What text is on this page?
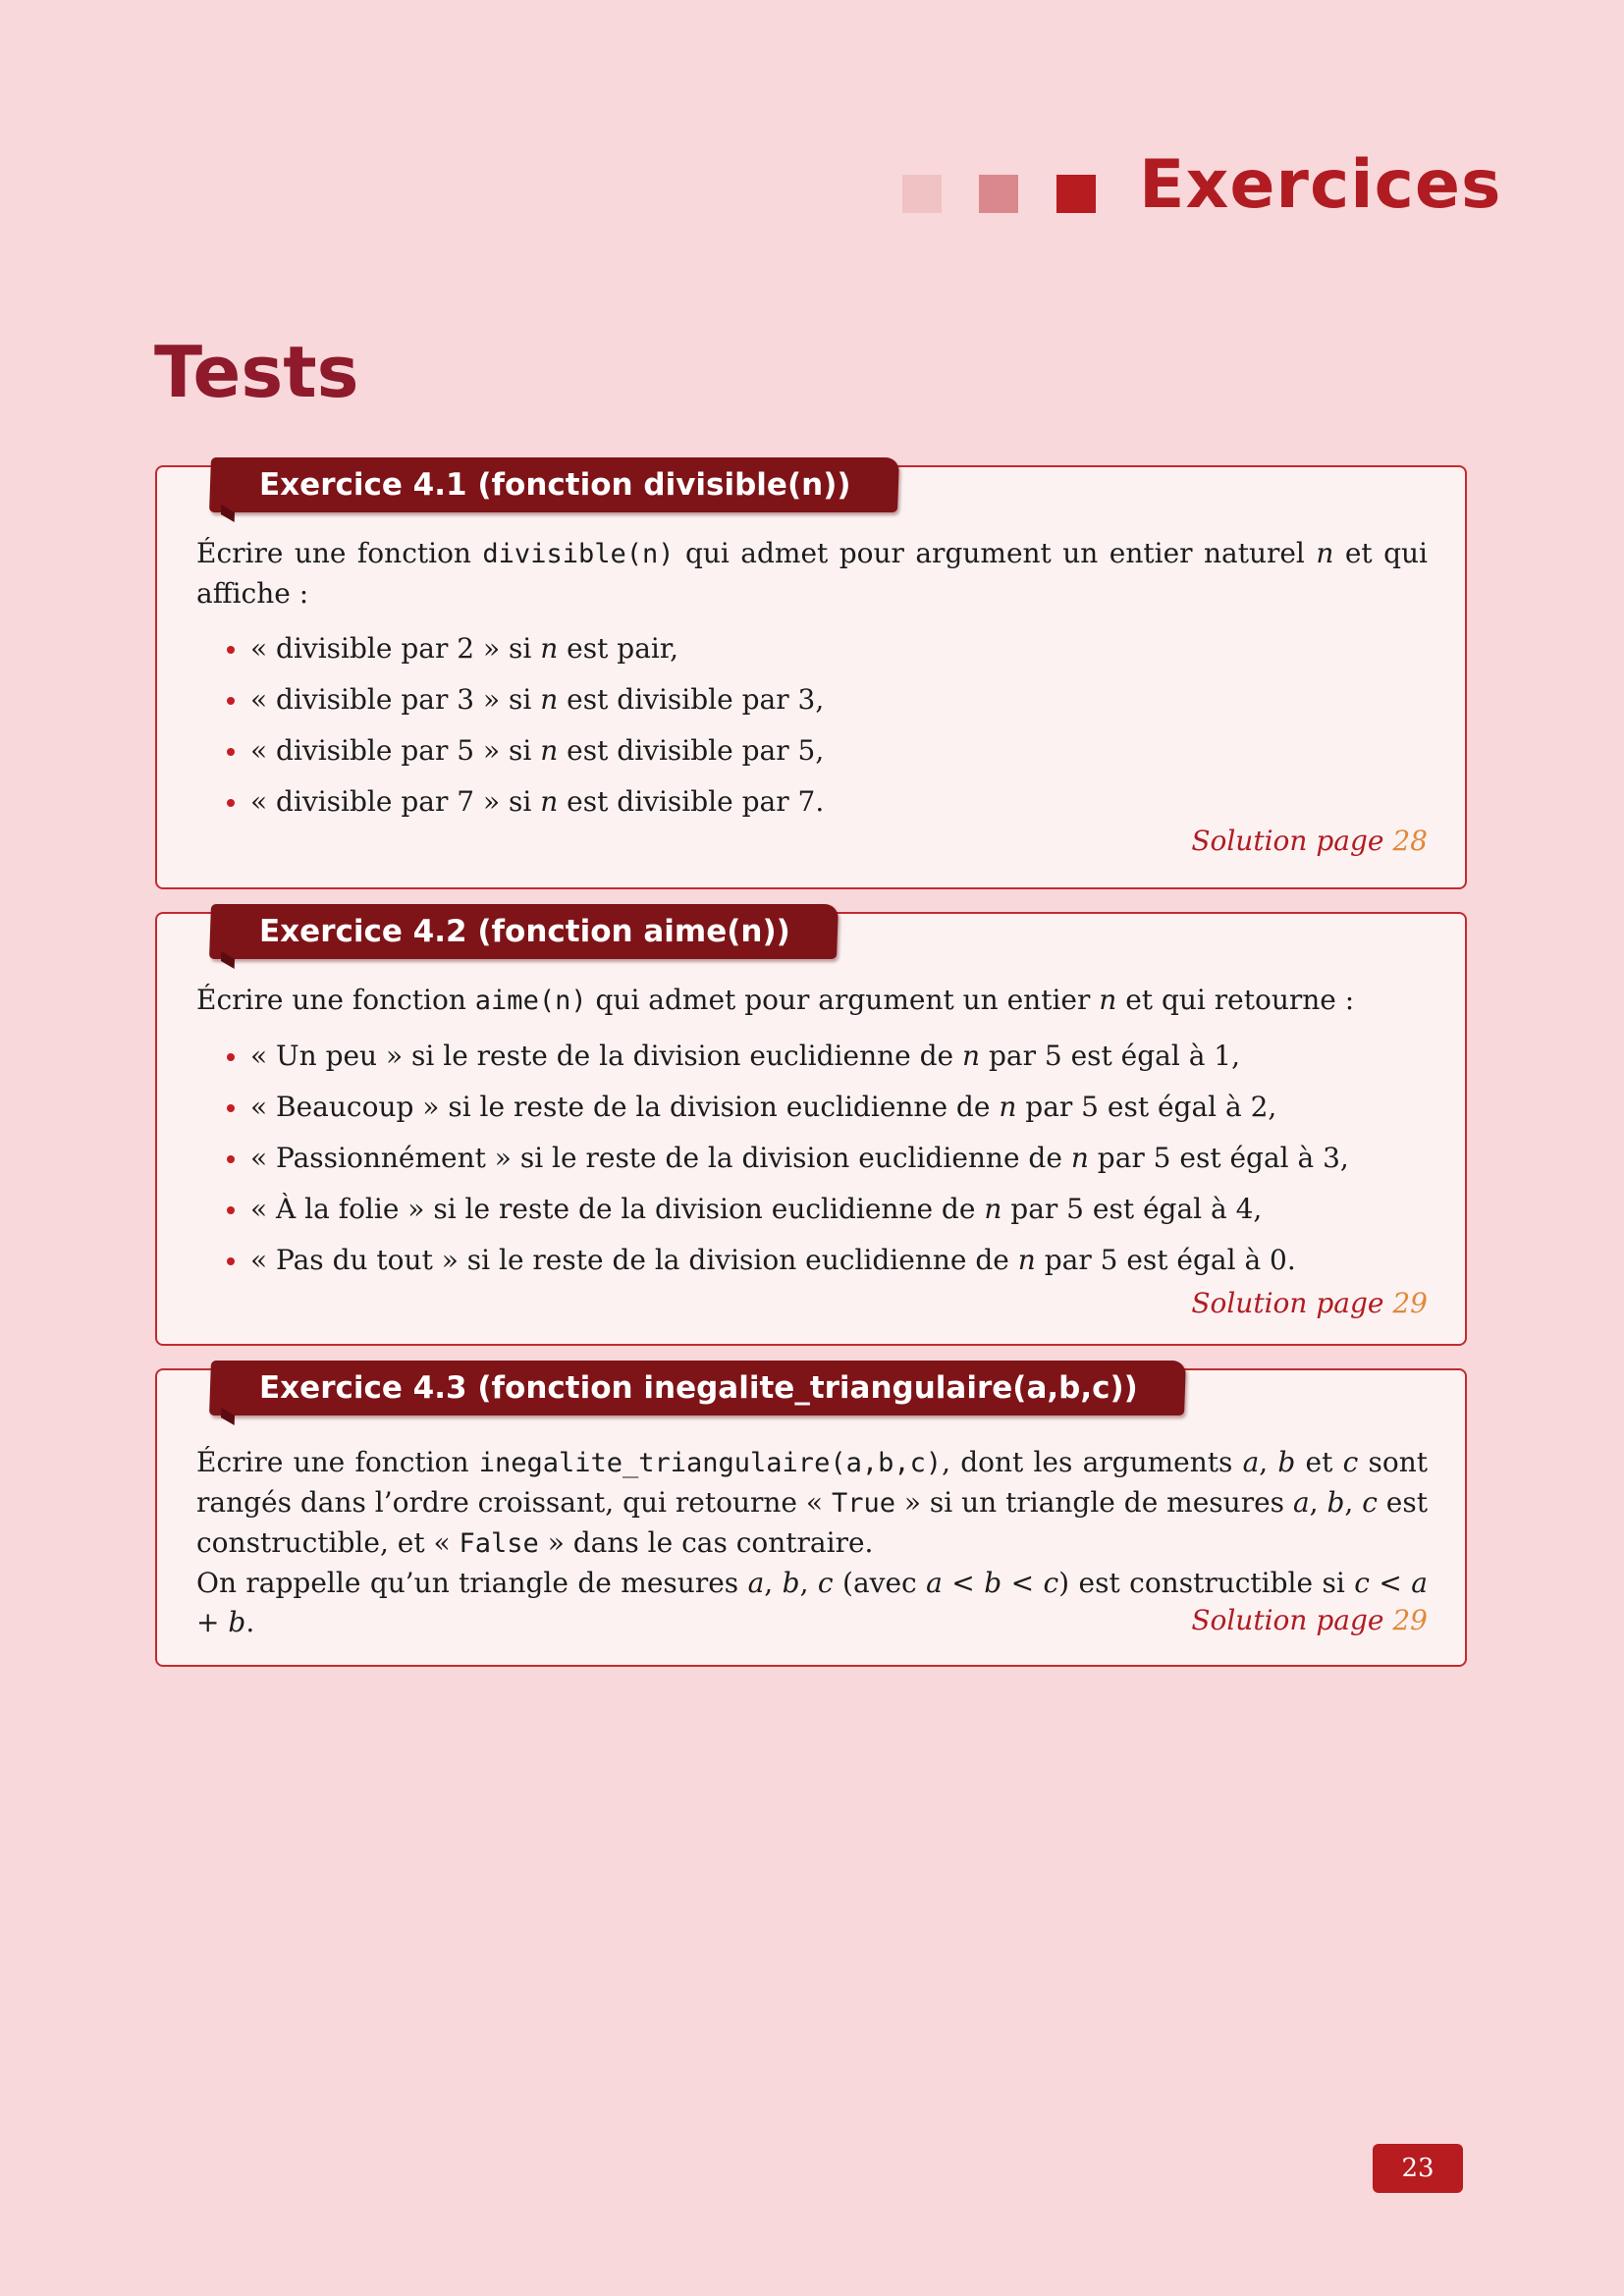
Exercices
Tests
Exercice 4.1 (fonction divisible(n))

Écrire une fonction divisible(n) qui admet pour argument un entier naturel n et qui affiche :

« divisible par 2 » si n est pair,
« divisible par 3 » si n est divisible par 3,
« divisible par 5 » si n est divisible par 5,
« divisible par 7 » si n est divisible par 7.
Solution page 28
Exercice 4.2 (fonction aime(n))

Écrire une fonction aime(n) qui admet pour argument un entier n et qui retourne :

« Un peu » si le reste de la division euclidienne de n par 5 est égal à 1,
« Beaucoup » si le reste de la division euclidienne de n par 5 est égal à 2,
« Passionnément » si le reste de la division euclidienne de n par 5 est égal à 3,
« À la folie » si le reste de la division euclidienne de n par 5 est égal à 4,
« Pas du tout » si le reste de la division euclidienne de n par 5 est égal à 0.
Solution page 29
Exercice 4.3 (fonction inegalite_triangulaire(a,b,c))

Écrire une fonction inegalite_triangulaire(a,b,c), dont les arguments a, b et c sont rangés dans l’ordre croissant, qui retourne « True » si un triangle de mesures a, b, c est constructible, et « False » dans le cas contraire.

On rappelle qu’un triangle de mesures a, b, c (avec a < b < c) est constructible si c < a + b.	Solution page 29
23
